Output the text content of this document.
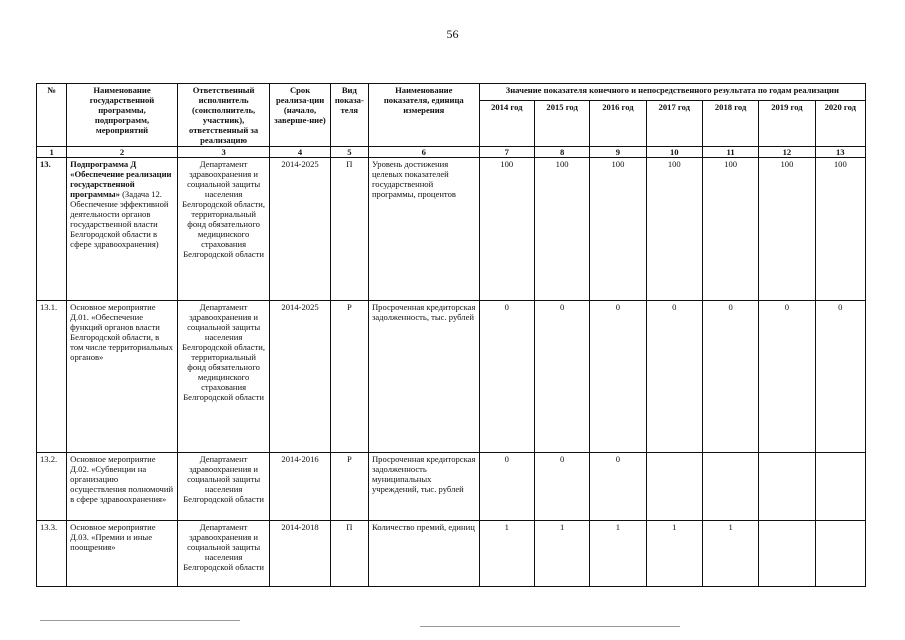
56
№	Наименование государственной программы, подпрограмм, мероприятий	Ответственный исполнитель (соисполнитель, участник), ответственный за реализацию	Срок реализа-ции (начало, заверше-ние)	Вид показа-теля	Наименование показателя, единица измерения	Значение показателя конечного и непосредственного результата по годам реализации						
						2014 год	2015 год	2016 год	2017 год	2018 год	2019 год	2020 год
1	2	3	4	5	6	7	8	9	10	11	12	13
13.	Подпрограмма Д «Обеспечение реализации государственной программы» (Задача 12. Обеспечение эффективной деятельности органов государственной власти Белгородской области в сфере здравоохранения)	Департамент здравоохранения и социальной защиты населения Белгородской области, территориальный фонд обязательного медицинского страхования Белгородской области	2014-2025	П	Уровень достижения целевых показателей государственной программы, процентов	100	100	100	100	100	100	100
13.1.	Основное мероприятие Д.01. «Обеспечение функций органов власти Белгородской области, в том числе территориальных органов»	Департамент здравоохранения и социальной защиты населения Белгородской области, территориальный фонд обязательного медицинского страхования Белгородской области	2014-2025	Р	Просроченная кредиторская задолженность, тыс. рублей	0	0	0	0	0	0	0
13.2.	Основное мероприятие Д.02. «Субвенции на организацию осуществления полномочий в сфере здравоохранения»	Департамент здравоохранения и социальной защиты населения Белгородской области	2014-2016	Р	Просроченная кредиторская задолженность муниципальных учреждений, тыс. рублей	0	0	0				
13.3.	Основное мероприятие Д.03. «Премии и иные поощрения»	Департамент здравоохранения и социальной защиты населения Белгородской области	2014-2018	П	Количество премий, единиц	1	1	1	1	1		
